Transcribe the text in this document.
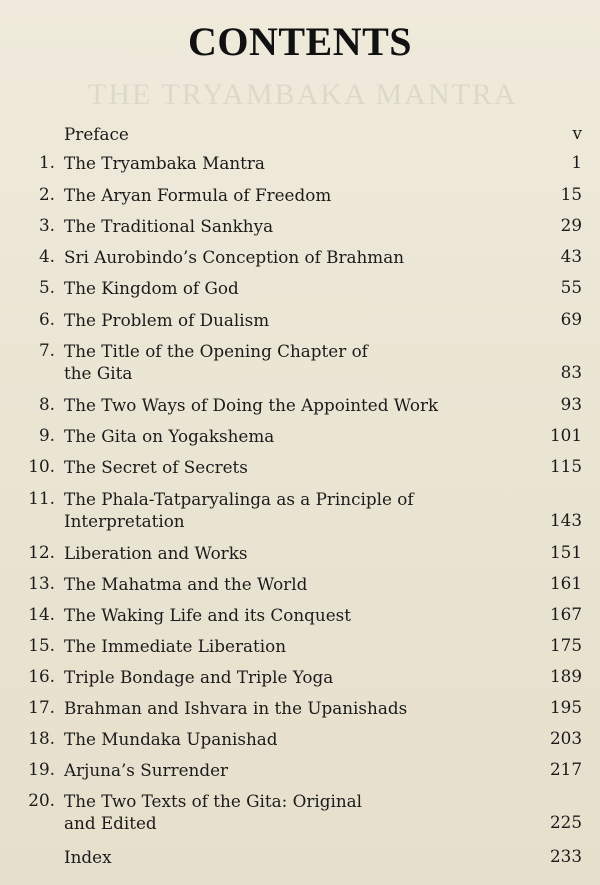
THE TRYAMBAKA MANTRA
CONTENTS
Preface	v
1. The Tryambaka Mantra	1
2. The Aryan Formula of Freedom	15
3. The Traditional Sankhya	29
4. Sri Aurobindo’s Conception of Brahman	43
5. The Kingdom of God	55
6. The Problem of Dualism	69
7. The Title of the Opening Chapter of
the Gita	83
8. The Two Ways of Doing the Appointed Work	93
9. The Gita on Yogakshema	101
10. The Secret of Secrets	115
11. The Phala-Tatparyalinga as a Principle of
Interpretation	143
12. Liberation and Works	151
13. The Mahatma and the World	161
14. The Waking Life and its Conquest	167
15. The Immediate Liberation	175
16. Triple Bondage and Triple Yoga	189
17. Brahman and Ishvara in the Upanishads	195
18. The Mundaka Upanishad	203
19. Arjuna’s Surrender	217
20. The Two Texts of the Gita: Original
and Edited	225
Index	233
